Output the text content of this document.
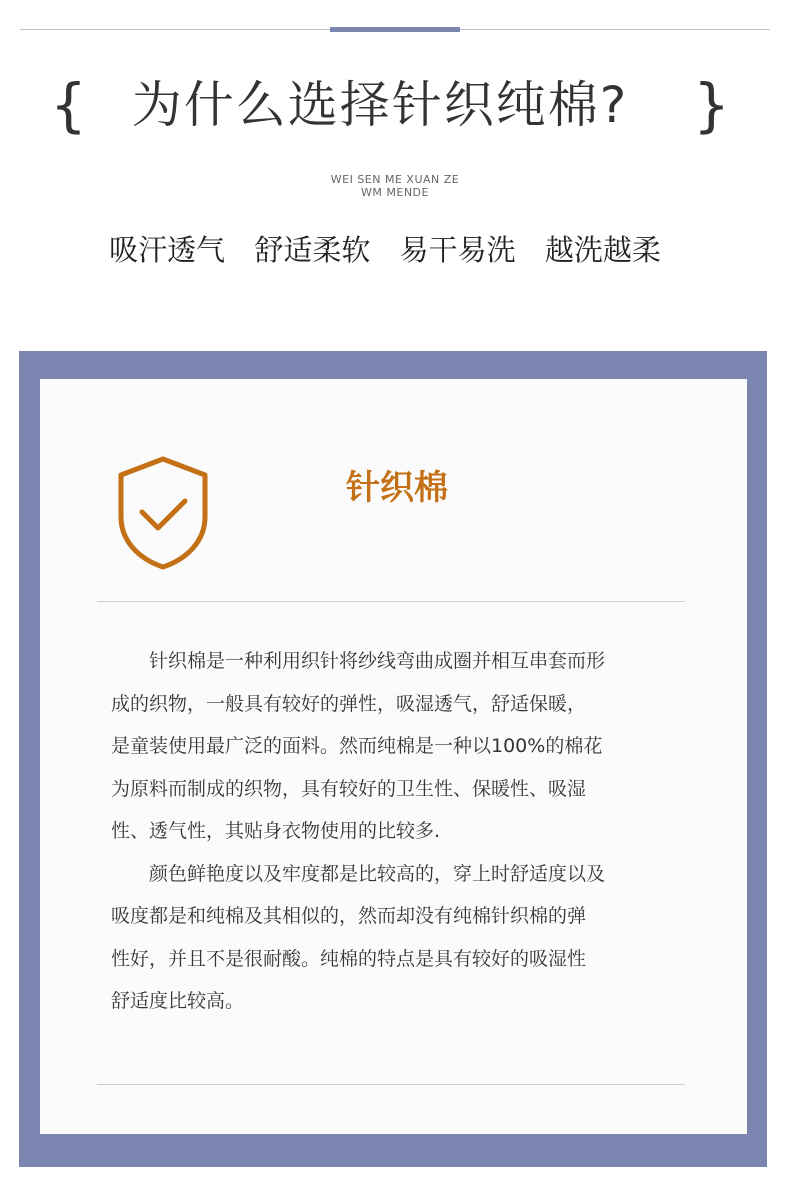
{ 为什么选择针织纯棉?	}
WEI SEN ME XUAN ZE
WM MENDE
吸汗透气 舒适柔软 易干易洗 越洗越柔
针织棉
　　针织棉是一种利用织针将纱线弯曲成圈并相互串套而形
成的织物，一般具有较好的弹性，吸湿透气，舒适保暖，
是童装使用最广泛的面料。然而纯棉是一种以100%的棉花
为原料而制成的织物，具有较好的卫生性、保暖性、吸湿
性、透气性，其贴身衣物使用的比较多.
　　颜色鲜艳度以及牢度都是比较高的，穿上时舒适度以及
吸度都是和纯棉及其相似的，然而却没有纯棉针织棉的弹
性好，并且不是很耐酸。纯棉的特点是具有较好的吸湿性
舒适度比较高。
